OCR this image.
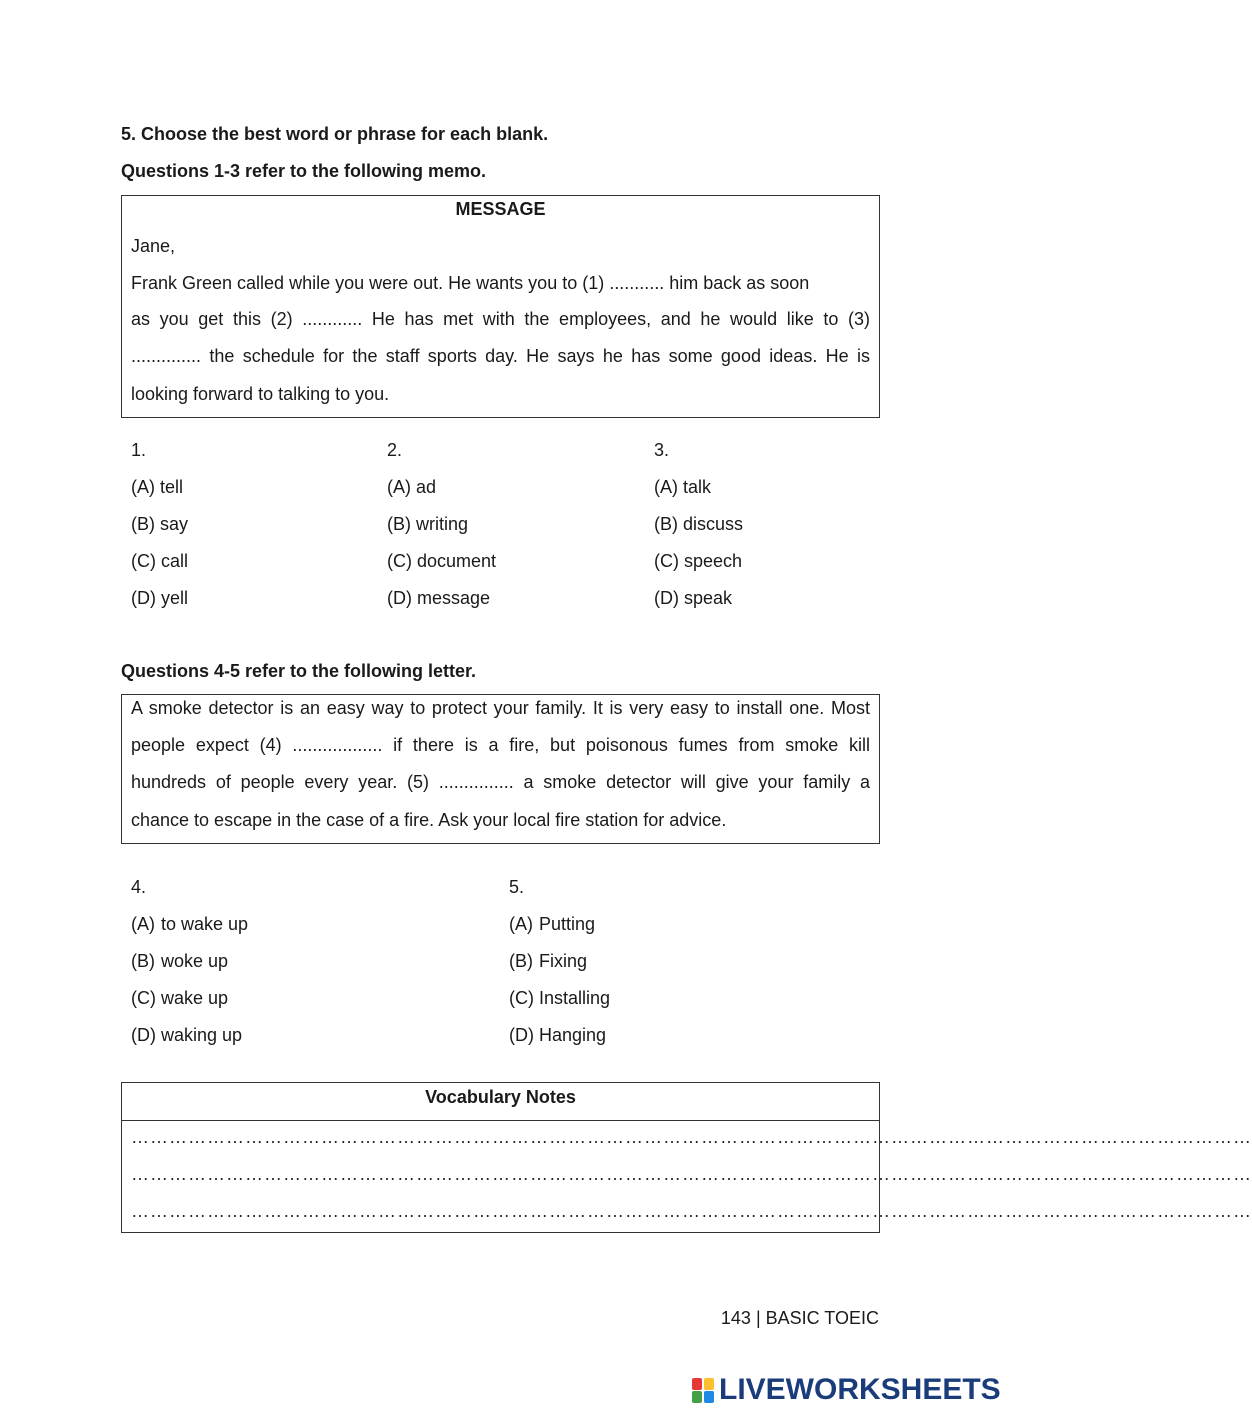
5. Choose the best word or phrase for each blank.
Questions 1-3 refer to the following memo.
MESSAGE
Jane,
Frank Green called while you were out. He wants you to (1) ........... him back as soon
as you get this (2) ............ He has met with the employees, and he would like to (3)
.............. the schedule for the staff sports day. He says he has some good ideas. He is
looking forward to talking to you.
1.
(A) tell
(B) say
(C) call
(D) yell
2.
(A) ad
(B) writing
(C) document
(D) message
3.
(A) talk
(B) discuss
(C) speech
(D) speak
Questions 4-5 refer to the following letter.
A smoke detector is an easy way to protect your family. It is very easy to install one. Most
people expect (4) .................. if there is a fire, but poisonous fumes from smoke kill
hundreds of people every year. (5) ............... a smoke detector will give your family a
chance to escape in the case of a fire. Ask your local fire station for advice.
4.
(A) to wake up
(B) woke up
(C) wake up
(D) waking up
5.
(A) Putting
(B) Fixing
(C) Installing
(D) Hanging
Vocabulary Notes
……………………………………………………………………………………………………………………………………………………………
……………………………………………………………………………………………………………………………………………………………
……………………………………………………………………………………………………………………………………………………………
143 | BASIC TOEIC
LIVEWORKSHEETS
